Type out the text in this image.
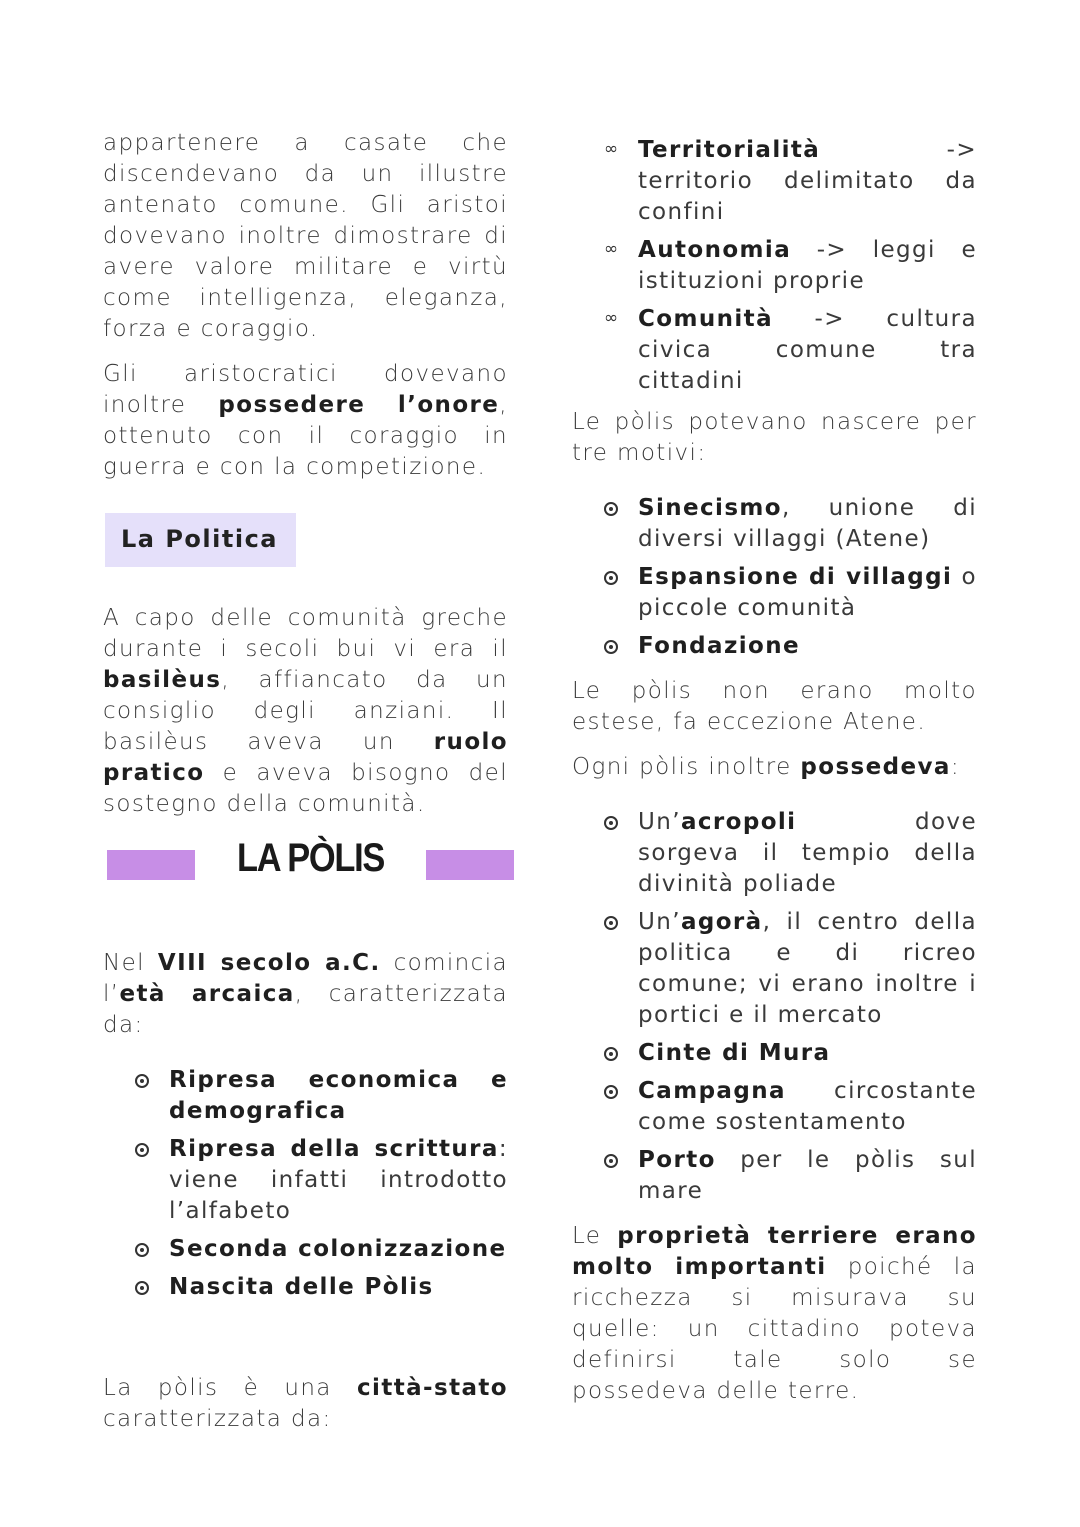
appartenere a casate che discendevano da un illustre antenato comune. Gli aristoi dovevano inoltre dimostrare di avere valore militare e virtù come intelligenza, eleganza, forza e coraggio.

Gli aristocratici dovevano inoltre possedere l’onore, ottenuto con il coraggio in guerra e con la competizione.

La Politica

A capo delle comunità greche durante i secoli bui vi era il basilèus, affiancato da un consiglio degli anziani. Il basilèus aveva un ruolo pratico e aveva bisogno del sostegno della comunità.

LA PÒLIS

Nel VIII secolo a.C. comincia l’età arcaica, caratterizzata da:

Ripresa economica e demografica
Ripresa della scrittura: viene infatti introdotto l’alfabeto
Seconda colonizzazione
Nascita delle Pòlis

La pòlis è una città-stato caratterizzata da:

∞ Territorialità -> territorio delimitato da confini
∞ Autonomia -> leggi e istituzioni proprie
∞ Comunità -> cultura civica comune tra cittadini

Le pòlis potevano nascere per tre motivi:

Sinecismo, unione di diversi villaggi (Atene)
Espansione di villaggi o piccole comunità
Fondazione

Le pòlis non erano molto estese, fa eccezione Atene.

Ogni pòlis inoltre possedeva:

Un’acropoli dove sorgeva il tempio della divinità poliade
Un’agorà, il centro della politica e di ricreo comune; vi erano inoltre i portici e il mercato
Cinte di Mura
Campagna circostante come sostentamento
Porto per le pòlis sul mare

Le proprietà terriere erano molto importanti poiché la ricchezza si misurava su quelle: un cittadino poteva definirsi tale solo se possedeva delle terre.
